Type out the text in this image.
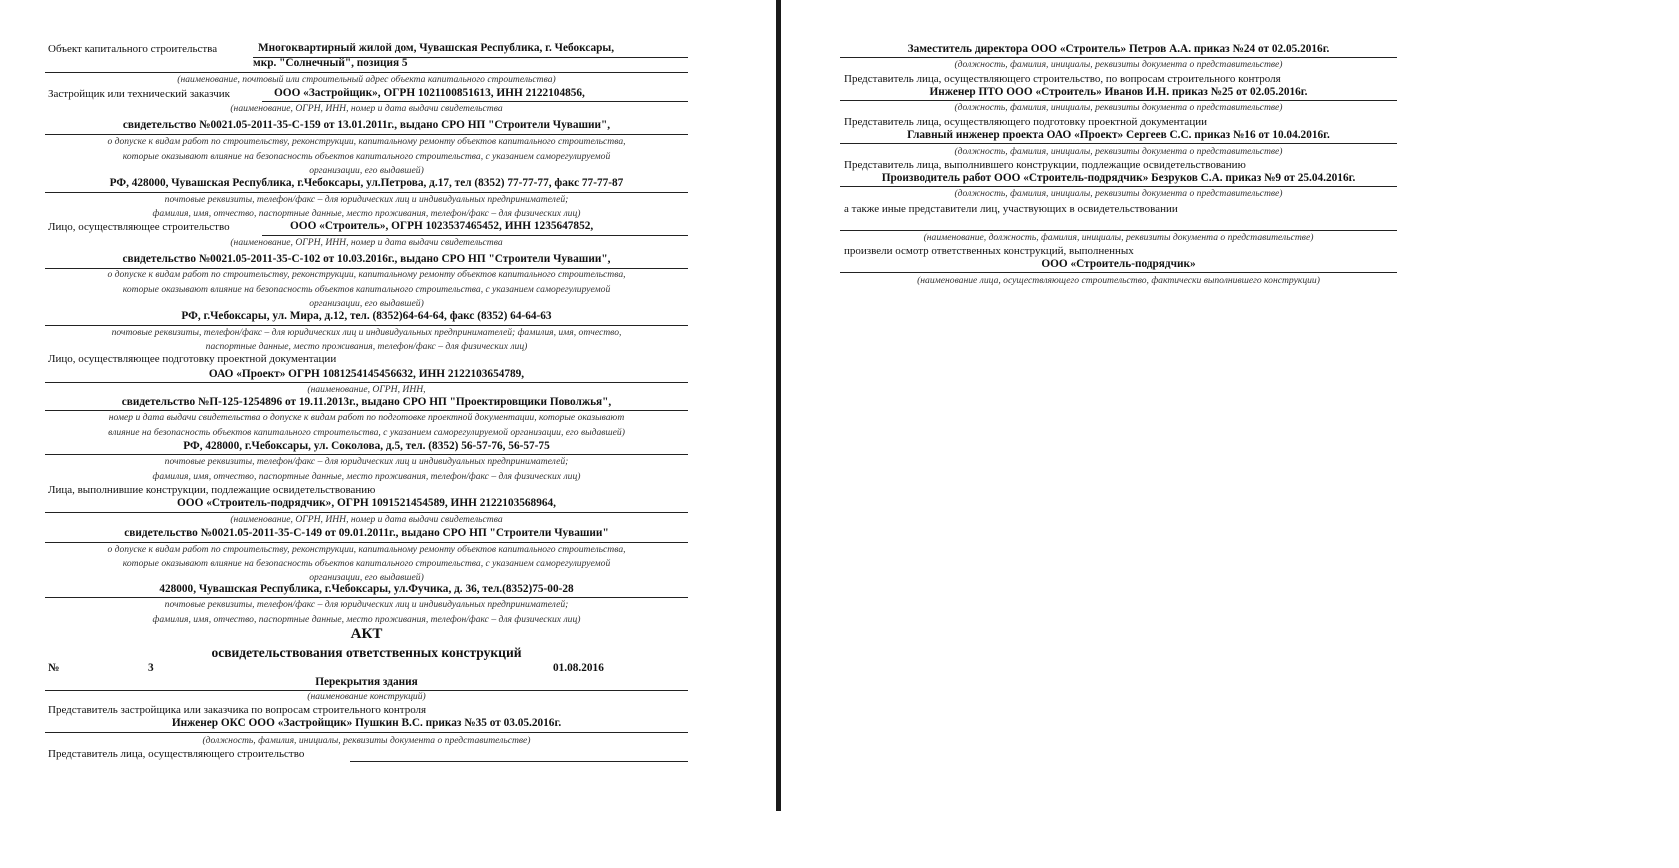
Объект капитального строительства	Многоквартирный жилой дом, Чувашская Республика, г. Чебоксары,
мкр. "Солнечный", позиция 5
(наименование, почтовый или строительный адрес объекта капитального строительства)
Застройщик или технический заказчик	ООО «Застройщик», ОГРН 1021100851613, ИНН 2122104856,
(наименование, ОГРН, ИНН, номер и дата выдачи свидетельства
свидетельство №0021.05-2011-35-С-159 от 13.01.2011г., выдано СРО НП "Строители Чувашии",
о допуске к видам работ по строительству, реконструкции, капитальному ремонту объектов капитального строительства,
которые оказывают влияние на безопасность объектов капитального строительства, с указанием саморегулируемой
организации, его выдавшей)
РФ, 428000, Чувашская Республика, г.Чебоксары, ул.Петрова, д.17, тел (8352) 77-77-77, факс 77-77-87
почтовые реквизиты, телефон/факс – для юридических лиц и индивидуальных предпринимателей;
фамилия, имя, отчество, паспортные данные, место проживания, телефон/факс – для физических лиц)
Лицо, осуществляющее строительство	ООО «Строитель», ОГРН 1023537465452, ИНН 1235647852,
(наименование, ОГРН, ИНН, номер и дата выдачи свидетельства
свидетельство №0021.05-2011-35-С-102 от 10.03.2016г., выдано СРО НП "Строители Чувашии",
о допуске к видам работ по строительству, реконструкции, капитальному ремонту объектов капитального строительства,
которые оказывают влияние на безопасность объектов капитального строительства, с указанием саморегулируемой
организации, его выдавшей)
РФ, г.Чебоксары, ул. Мира, д.12, тел. (8352)64-64-64, факс (8352) 64-64-63
почтовые реквизиты, телефон/факс – для юридических лиц и индивидуальных предпринимателей; фамилия, имя, отчество,
паспортные данные, место проживания, телефон/факс – для физических лиц)
Лицо, осуществляющее подготовку проектной документации
ОАО «Проект» ОГРН 1081254145456632, ИНН 2122103654789,
(наименование, ОГРН, ИНН,
свидетельство №П-125-1254896 от 19.11.2013г., выдано СРО НП "Проектировщики Поволжья",
номер и дата выдачи свидетельства о допуске к видам работ по подготовке проектной документации, которые оказывают
влияние на безопасность объектов капитального строительства, с указанием саморегулируемой организации, его выдавшей)
РФ, 428000, г.Чебоксары, ул. Соколова, д.5, тел. (8352) 56-57-76, 56-57-75
почтовые реквизиты, телефон/факс – для юридических лиц и индивидуальных предпринимателей;
фамилия, имя, отчество, паспортные данные, место проживания, телефон/факс – для физических лиц)
Лица, выполнившие конструкции, подлежащие освидетельствованию
ООО «Строитель-подрядчик», ОГРН 1091521454589, ИНН 2122103568964,
(наименование, ОГРН, ИНН, номер и дата выдачи свидетельства
свидетельство №0021.05-2011-35-С-149 от 09.01.2011г., выдано СРО НП "Строители Чувашии"
о допуске к видам работ по строительству, реконструкции, капитальному ремонту объектов капитального строительства,
которые оказывают влияние на безопасность объектов капитального строительства, с указанием саморегулируемой
организации, его выдавшей)
428000, Чувашская Республика, г.Чебоксары, ул.Фучика, д. 36, тел.(8352)75-00-28
почтовые реквизиты, телефон/факс – для юридических лиц и индивидуальных предпринимателей;
фамилия, имя, отчество, паспортные данные, место проживания, телефон/факс – для физических лиц)
АКТ
освидетельствования ответственных конструкций
№	3	01.08.2016
Перекрытия здания
(наименование конструкций)
Представитель застройщика или заказчика по вопросам строительного контроля
Инженер ОКС ООО «Застройщик» Пушкин В.С. приказ №35 от 03.05.2016г.
(должность, фамилия, инициалы, реквизиты документа о представительстве)
Представитель лица, осуществляющего строительство
Заместитель директора ООО «Строитель» Петров А.А. приказ №24 от 02.05.2016г.
(должность, фамилия, инициалы, реквизиты документа о представительстве)
Представитель лица, осуществляющего строительство, по вопросам строительного контроля
Инженер ПТО ООО «Строитель» Иванов И.Н. приказ №25 от 02.05.2016г.
(должность, фамилия, инициалы, реквизиты документа о представительстве)
Представитель лица, осуществляющего подготовку проектной документации
Главный инженер проекта ОАО «Проект» Сергеев С.С. приказ №16 от 10.04.2016г.
(должность, фамилия, инициалы, реквизиты документа о представительстве)
Представитель лица, выполнившего конструкции, подлежащие освидетельствованию
Производитель работ ООО «Строитель-подрядчик» Безруков С.А. приказ №9 от 25.04.2016г.
(должность, фамилия, инициалы, реквизиты документа о представительстве)
а также иные представители лиц, участвующих в освидетельствовании
(наименование, должность, фамилия, инициалы, реквизиты документа о представительстве)
произвели осмотр ответственных конструкций, выполненных
ООО «Строитель-подрядчик»
(наименование лица, осуществляющего строительство, фактически выполнившего конструкции)
